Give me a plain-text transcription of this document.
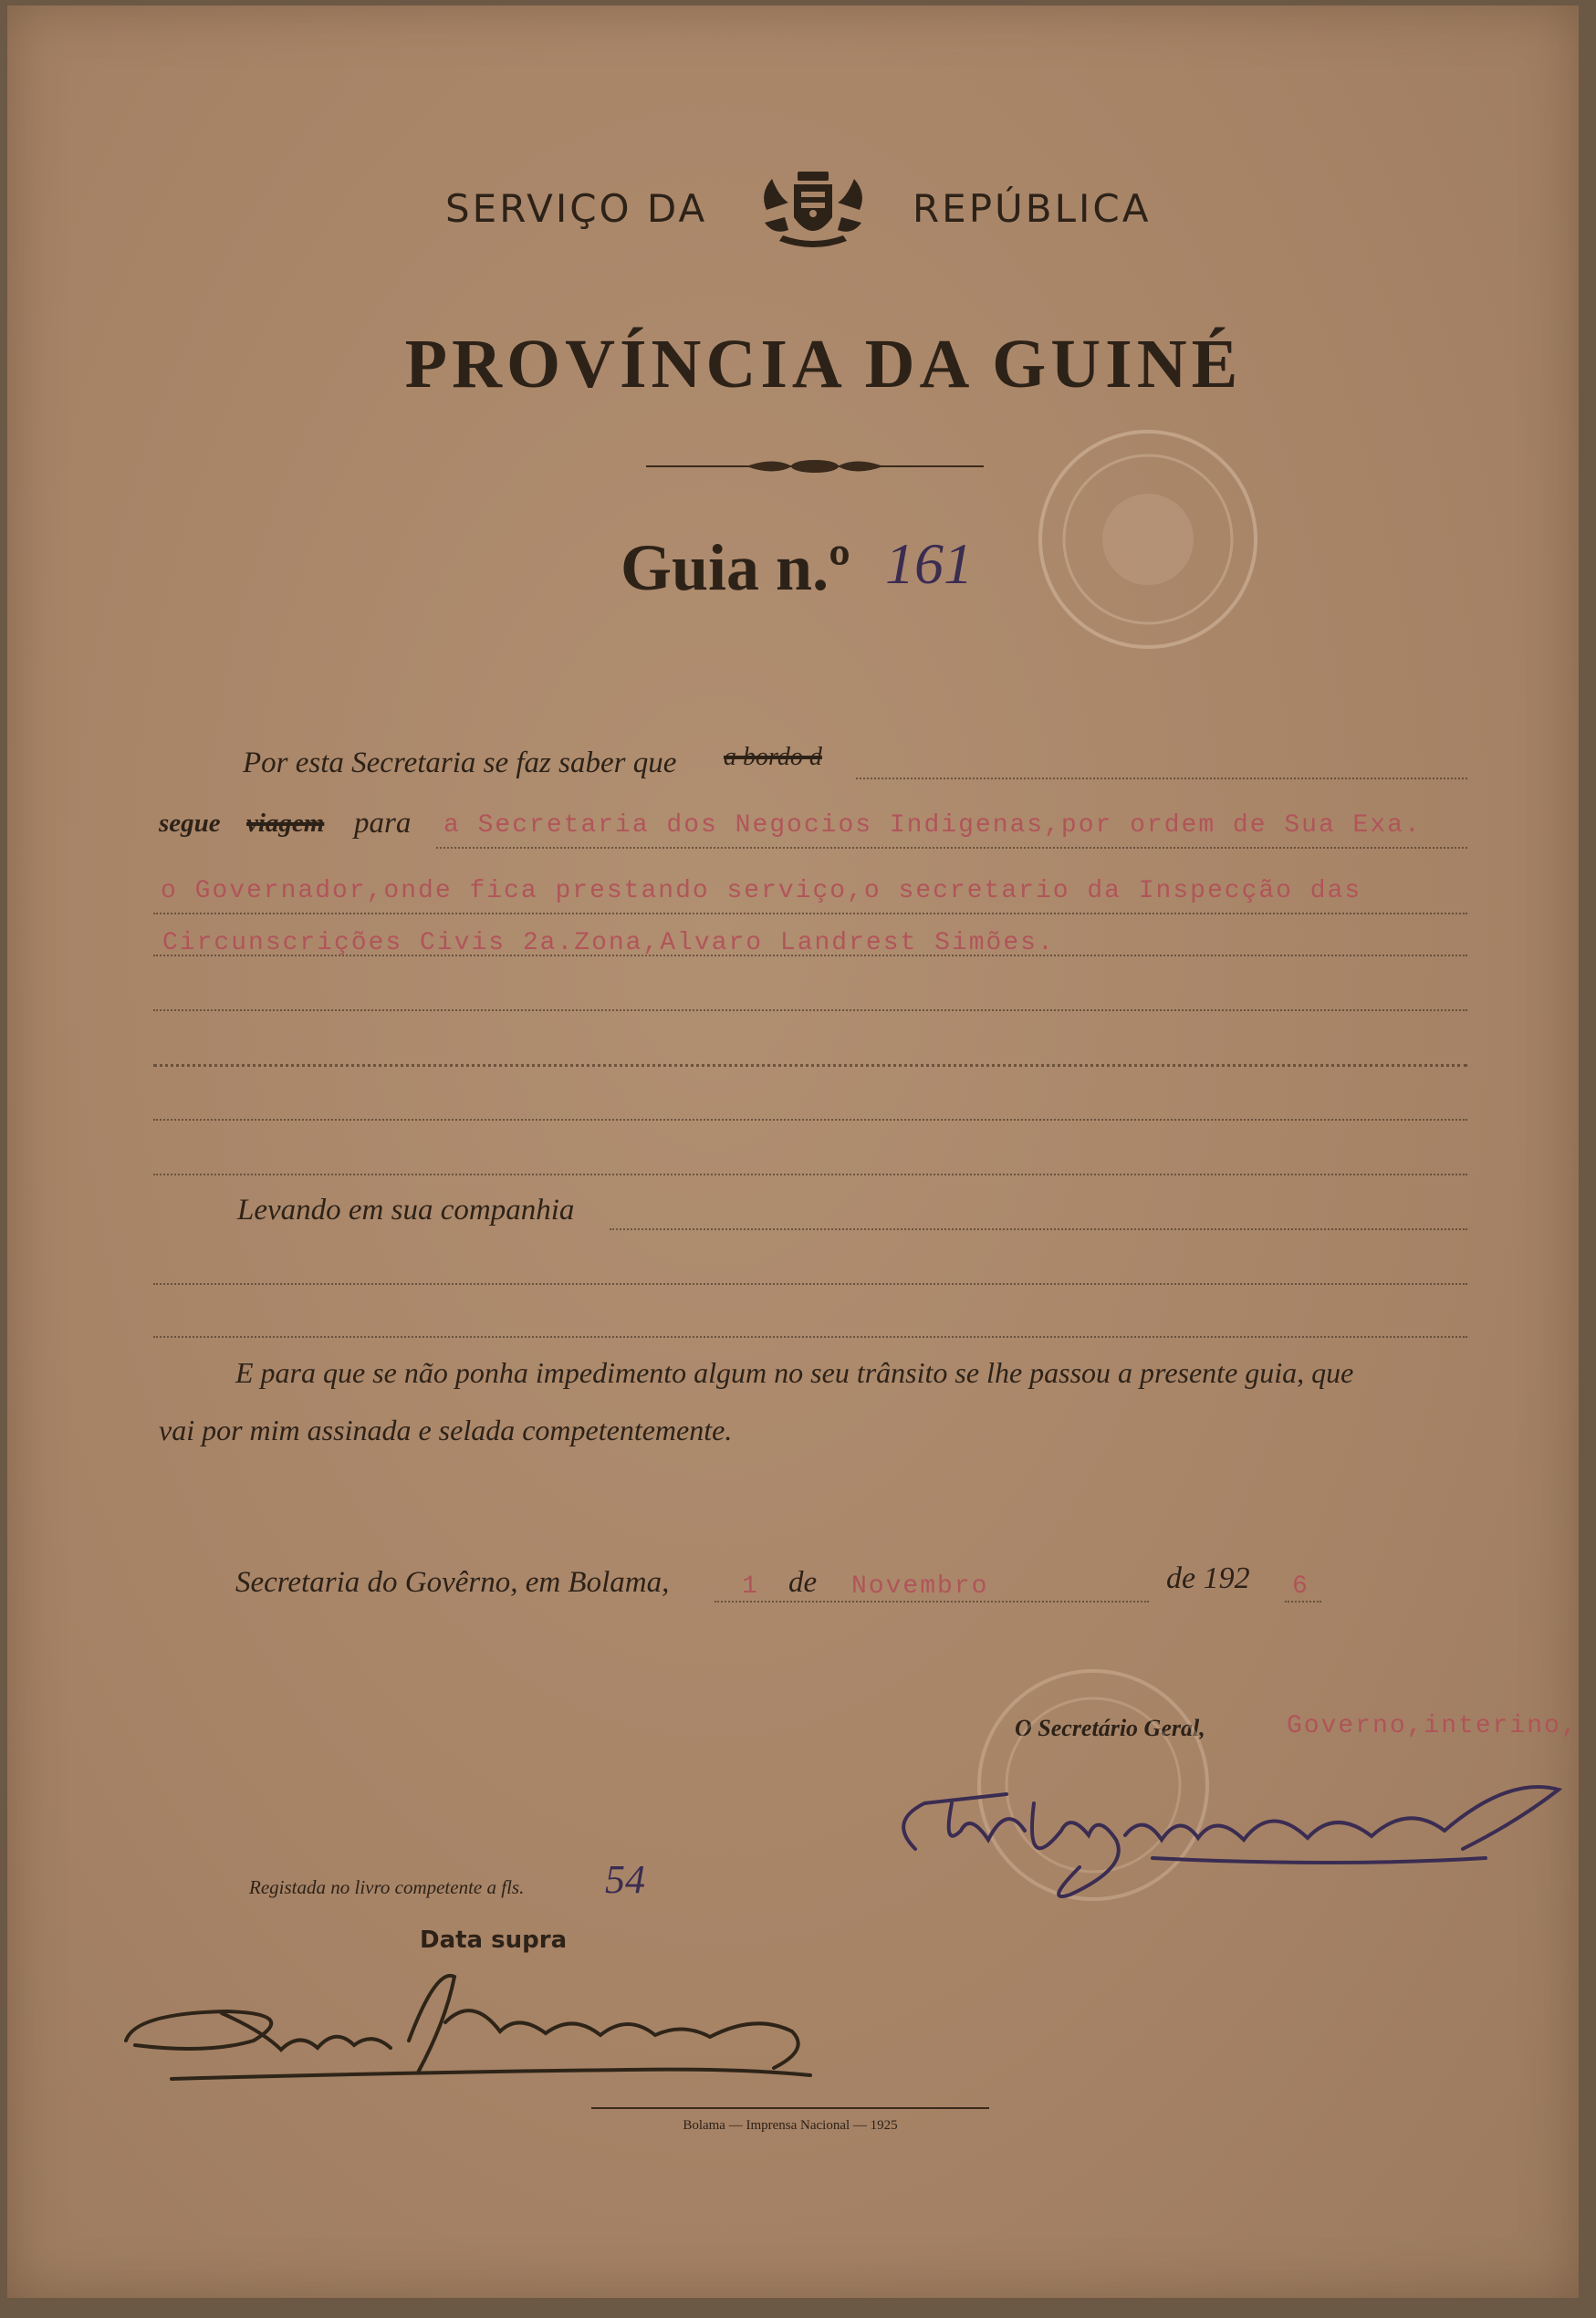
SERVIÇO DA	REPÚBLICA
PROVÍNCIA DA GUINÉ
Guia n.º 161
Por esta Secretaria se faz saber que a bordo d
segue viagem para a Secretaria dos Negocios Indigenas,por ordem de Sua Exa.
o Governador,onde fica prestando serviço,o secretario da Inspecção das
Circunscrições Civis 2a.Zona,Alvaro Landrest Simões.
Levando em sua companhia
E para que se não ponha impedimento algum no seu trânsito se lhe passou a presente guia, que
vai por mim assinada e selada competentemente.
Secretaria do Govêrno, em Bolama,	1 de Novembro	de 192 6
O Secretário Geral,	Governo,interino,
Registada no livro competente a fls. 54
Data supra
Bolama — Imprensa Nacional — 1925
